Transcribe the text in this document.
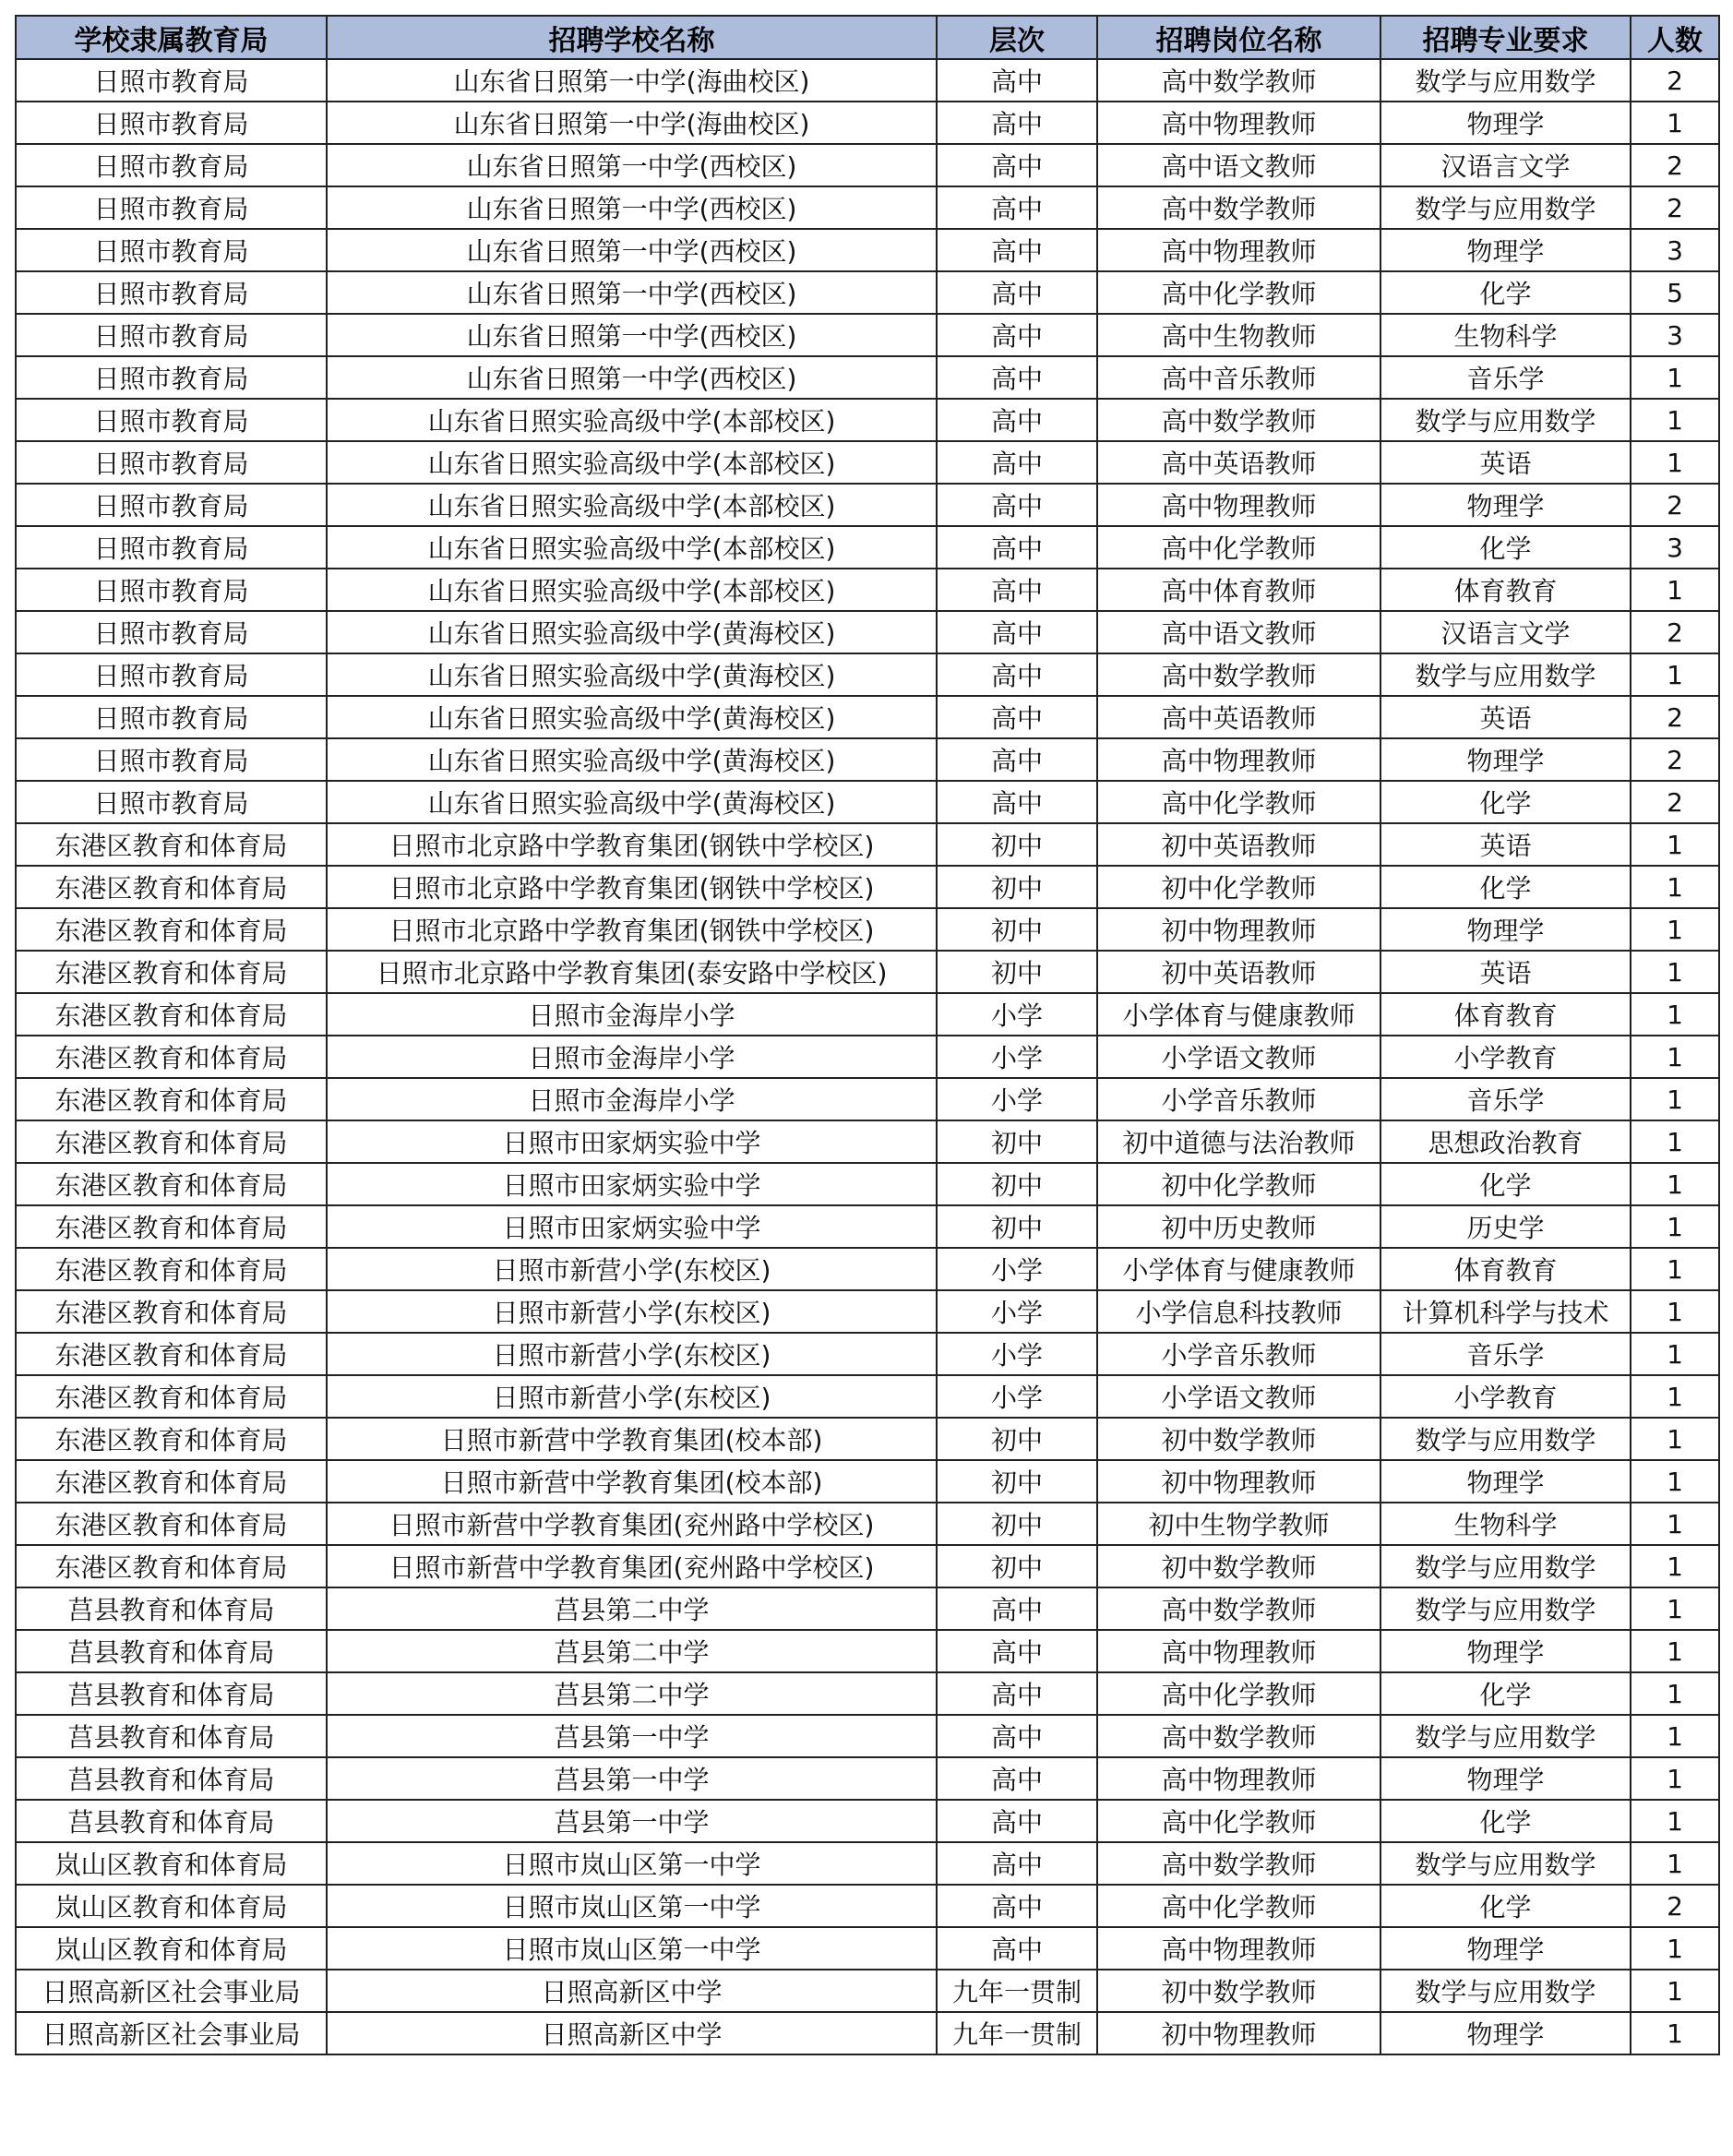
学校隶属教育局	招聘学校名称	层次	招聘岗位名称	招聘专业要求	人数
日照市教育局	山东省日照第一中学(海曲校区)	高中	高中数学教师	数学与应用数学	2
日照市教育局	山东省日照第一中学(海曲校区)	高中	高中物理教师	物理学	1
日照市教育局	山东省日照第一中学(西校区)	高中	高中语文教师	汉语言文学	2
日照市教育局	山东省日照第一中学(西校区)	高中	高中数学教师	数学与应用数学	2
日照市教育局	山东省日照第一中学(西校区)	高中	高中物理教师	物理学	3
日照市教育局	山东省日照第一中学(西校区)	高中	高中化学教师	化学	5
日照市教育局	山东省日照第一中学(西校区)	高中	高中生物教师	生物科学	3
日照市教育局	山东省日照第一中学(西校区)	高中	高中音乐教师	音乐学	1
日照市教育局	山东省日照实验高级中学(本部校区)	高中	高中数学教师	数学与应用数学	1
日照市教育局	山东省日照实验高级中学(本部校区)	高中	高中英语教师	英语	1
日照市教育局	山东省日照实验高级中学(本部校区)	高中	高中物理教师	物理学	2
日照市教育局	山东省日照实验高级中学(本部校区)	高中	高中化学教师	化学	3
日照市教育局	山东省日照实验高级中学(本部校区)	高中	高中体育教师	体育教育	1
日照市教育局	山东省日照实验高级中学(黄海校区)	高中	高中语文教师	汉语言文学	2
日照市教育局	山东省日照实验高级中学(黄海校区)	高中	高中数学教师	数学与应用数学	1
日照市教育局	山东省日照实验高级中学(黄海校区)	高中	高中英语教师	英语	2
日照市教育局	山东省日照实验高级中学(黄海校区)	高中	高中物理教师	物理学	2
日照市教育局	山东省日照实验高级中学(黄海校区)	高中	高中化学教师	化学	2
东港区教育和体育局	日照市北京路中学教育集团(钢铁中学校区)	初中	初中英语教师	英语	1
东港区教育和体育局	日照市北京路中学教育集团(钢铁中学校区)	初中	初中化学教师	化学	1
东港区教育和体育局	日照市北京路中学教育集团(钢铁中学校区)	初中	初中物理教师	物理学	1
东港区教育和体育局	日照市北京路中学教育集团(泰安路中学校区)	初中	初中英语教师	英语	1
东港区教育和体育局	日照市金海岸小学	小学	小学体育与健康教师	体育教育	1
东港区教育和体育局	日照市金海岸小学	小学	小学语文教师	小学教育	1
东港区教育和体育局	日照市金海岸小学	小学	小学音乐教师	音乐学	1
东港区教育和体育局	日照市田家炳实验中学	初中	初中道德与法治教师	思想政治教育	1
东港区教育和体育局	日照市田家炳实验中学	初中	初中化学教师	化学	1
东港区教育和体育局	日照市田家炳实验中学	初中	初中历史教师	历史学	1
东港区教育和体育局	日照市新营小学(东校区)	小学	小学体育与健康教师	体育教育	1
东港区教育和体育局	日照市新营小学(东校区)	小学	小学信息科技教师	计算机科学与技术	1
东港区教育和体育局	日照市新营小学(东校区)	小学	小学音乐教师	音乐学	1
东港区教育和体育局	日照市新营小学(东校区)	小学	小学语文教师	小学教育	1
东港区教育和体育局	日照市新营中学教育集团(校本部)	初中	初中数学教师	数学与应用数学	1
东港区教育和体育局	日照市新营中学教育集团(校本部)	初中	初中物理教师	物理学	1
东港区教育和体育局	日照市新营中学教育集团(兖州路中学校区)	初中	初中生物学教师	生物科学	1
东港区教育和体育局	日照市新营中学教育集团(兖州路中学校区)	初中	初中数学教师	数学与应用数学	1
莒县教育和体育局	莒县第二中学	高中	高中数学教师	数学与应用数学	1
莒县教育和体育局	莒县第二中学	高中	高中物理教师	物理学	1
莒县教育和体育局	莒县第二中学	高中	高中化学教师	化学	1
莒县教育和体育局	莒县第一中学	高中	高中数学教师	数学与应用数学	1
莒县教育和体育局	莒县第一中学	高中	高中物理教师	物理学	1
莒县教育和体育局	莒县第一中学	高中	高中化学教师	化学	1
岚山区教育和体育局	日照市岚山区第一中学	高中	高中数学教师	数学与应用数学	1
岚山区教育和体育局	日照市岚山区第一中学	高中	高中化学教师	化学	2
岚山区教育和体育局	日照市岚山区第一中学	高中	高中物理教师	物理学	1
日照高新区社会事业局	日照高新区中学	九年一贯制	初中数学教师	数学与应用数学	1
日照高新区社会事业局	日照高新区中学	九年一贯制	初中物理教师	物理学	1
